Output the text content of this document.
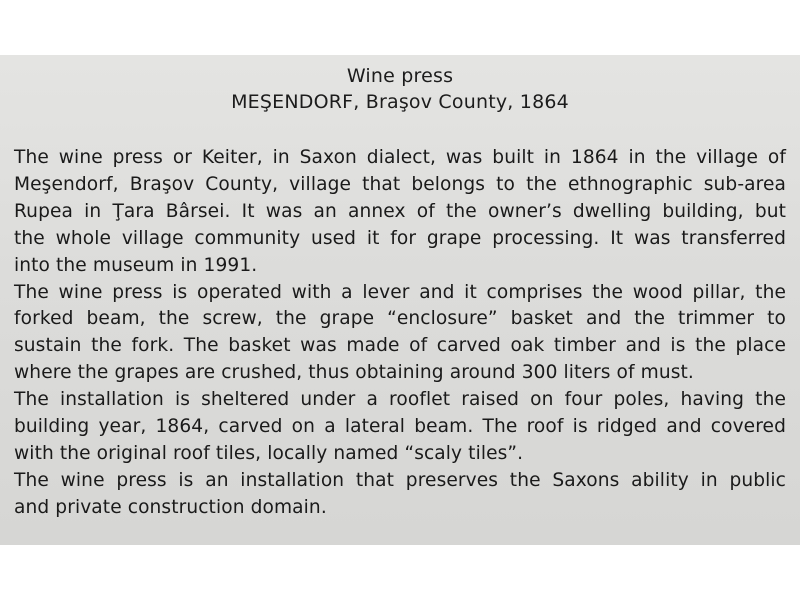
Wine press
MEŞENDORF, Braşov County, 1864
The wine press or Keiter, in Saxon dialect, was built in 1864 in the village of
Meşendorf, Braşov County, village that belongs to the ethnographic sub-area
Rupea in Ţara Bârsei. It was an annex of the owner’s dwelling building, but
the whole village community used it for grape processing. It was transferred
into the museum in 1991.
The wine press is operated with a lever and it comprises the wood pillar, the
forked beam, the screw, the grape “enclosure” basket and the trimmer to
sustain the fork. The basket was made of carved oak timber and is the place
where the grapes are crushed, thus obtaining around 300 liters of must.
The installation is sheltered under a rooflet raised on four poles, having the
building year, 1864, carved on a lateral beam. The roof is ridged and covered
with the original roof tiles, locally named “scaly tiles”.
The wine press is an installation that preserves the Saxons ability in public
and private construction domain.
